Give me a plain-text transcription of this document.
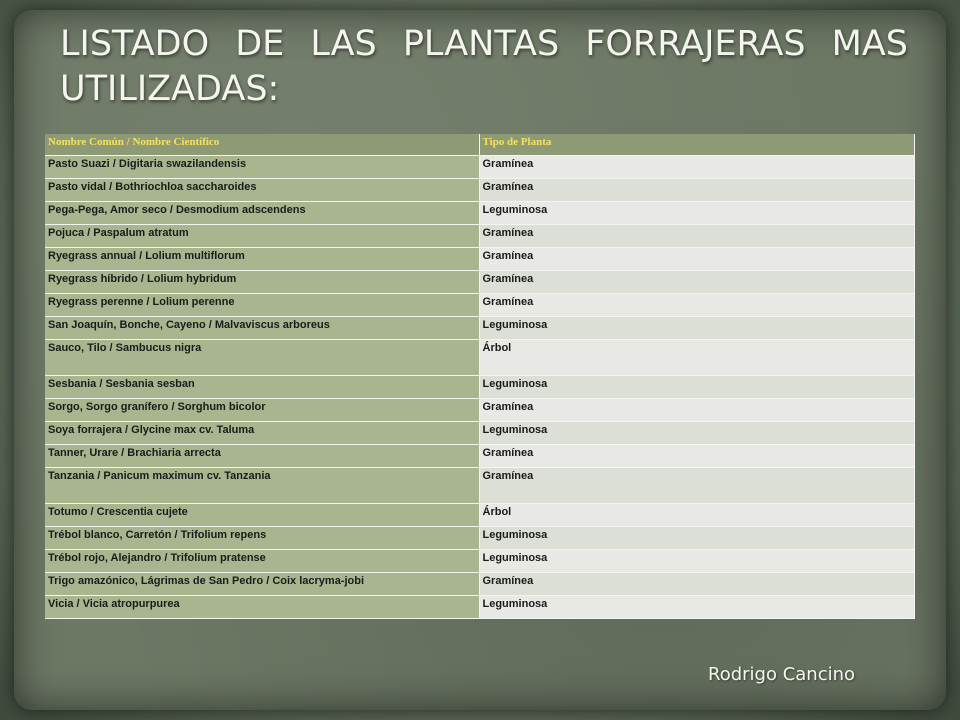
LISTADO DE LAS PLANTAS FORRAJERAS MAS UTILIZADAS:
Nombre Común / Nombre Científico	Tipo de Planta
Pasto Suazi / Digitaria swazilandensis	Gramínea
Pasto vidal / Bothriochloa saccharoides	Gramínea
Pega-Pega, Amor seco / Desmodium adscendens	Leguminosa
Pojuca / Paspalum atratum	Gramínea
Ryegrass annual / Lolium multiflorum	Gramínea
Ryegrass híbrido / Lolium hybridum	Gramínea
Ryegrass perenne / Lolium perenne	Gramínea
San Joaquín, Bonche, Cayeno / Malvaviscus arboreus	Leguminosa
Sauco, Tilo / Sambucus nigra	Árbol
Sesbania / Sesbania sesban	Leguminosa
Sorgo, Sorgo granífero / Sorghum bicolor	Gramínea
Soya forrajera / Glycine max cv. Taluma	Leguminosa
Tanner, Urare / Brachiaria arrecta	Gramínea
Tanzania / Panicum maximum cv. Tanzania	Gramínea
Totumo / Crescentia cujete	Árbol
Trébol blanco, Carretón / Trifolium repens	Leguminosa
Trébol rojo, Alejandro / Trifolium pratense	Leguminosa
Trigo amazónico, Lágrimas de San Pedro / Coix lacryma-jobi	Gramínea
Vicia / Vicia atropurpurea	Leguminosa
Rodrigo Cancino
